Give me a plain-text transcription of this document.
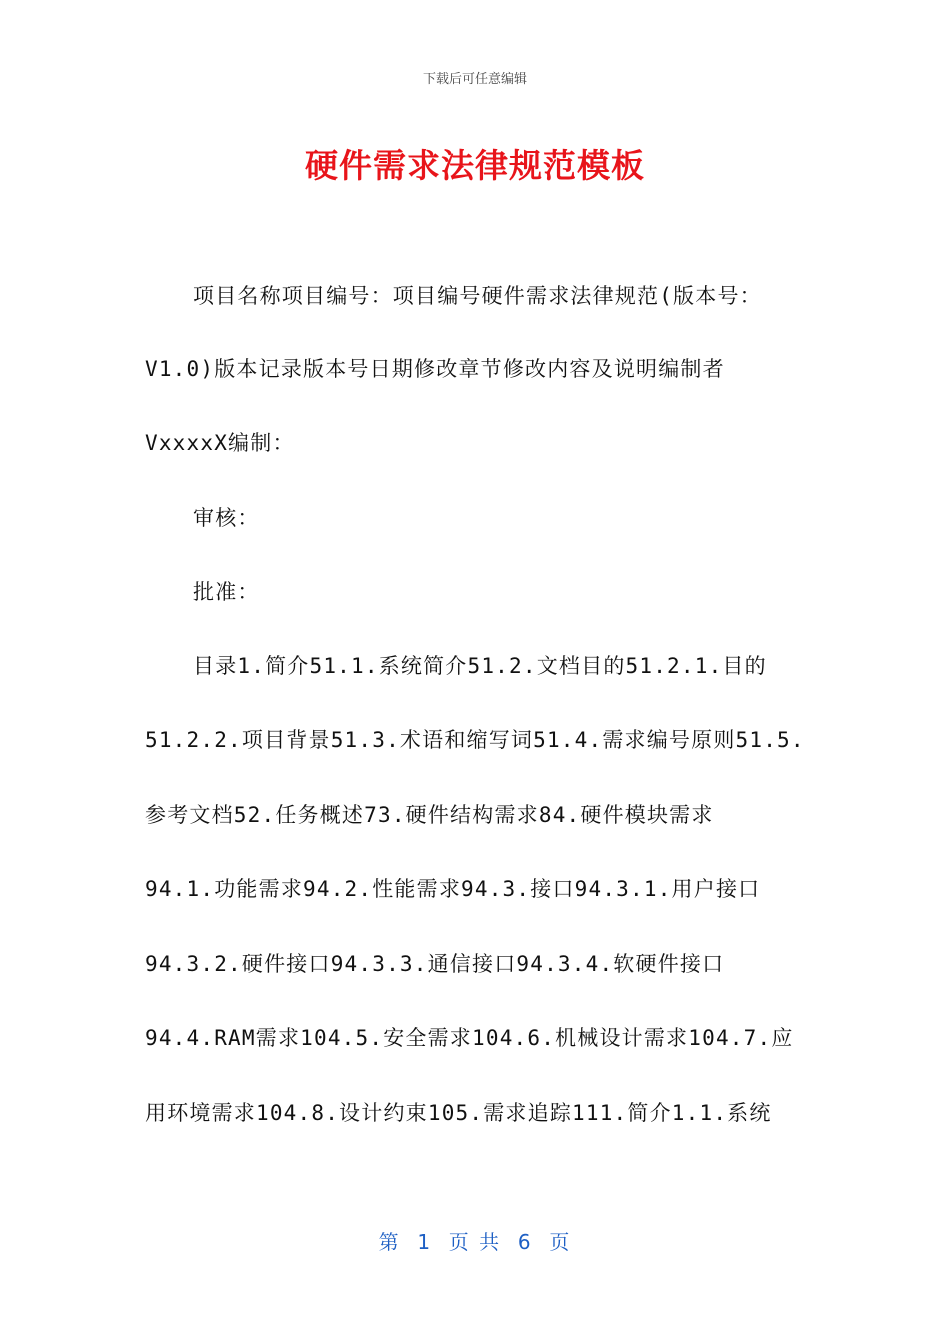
下载后可任意编辑
硬件需求法律规范模板
项目名称项目编号：项目编号硬件需求法律规范(版本号：
V1.0)版本记录版本号日期修改章节修改内容及说明编制者
VxxxxX编制：
审核：
批准：
目录1.简介51.1.系统简介51.2.文档目的51.2.1.目的
51.2.2.项目背景51.3.术语和缩写词51.4.需求编号原则51.5.
参考文档52.任务概述73.硬件结构需求84.硬件模块需求
94.1.功能需求94.2.性能需求94.3.接口94.3.1.用户接口
94.3.2.硬件接口94.3.3.通信接口94.3.4.软硬件接口
94.4.RAM需求104.5.安全需求104.6.机械设计需求104.7.应
用环境需求104.8.设计约束105.需求追踪111.简介1.1.系统
第  1  页 共  6  页
